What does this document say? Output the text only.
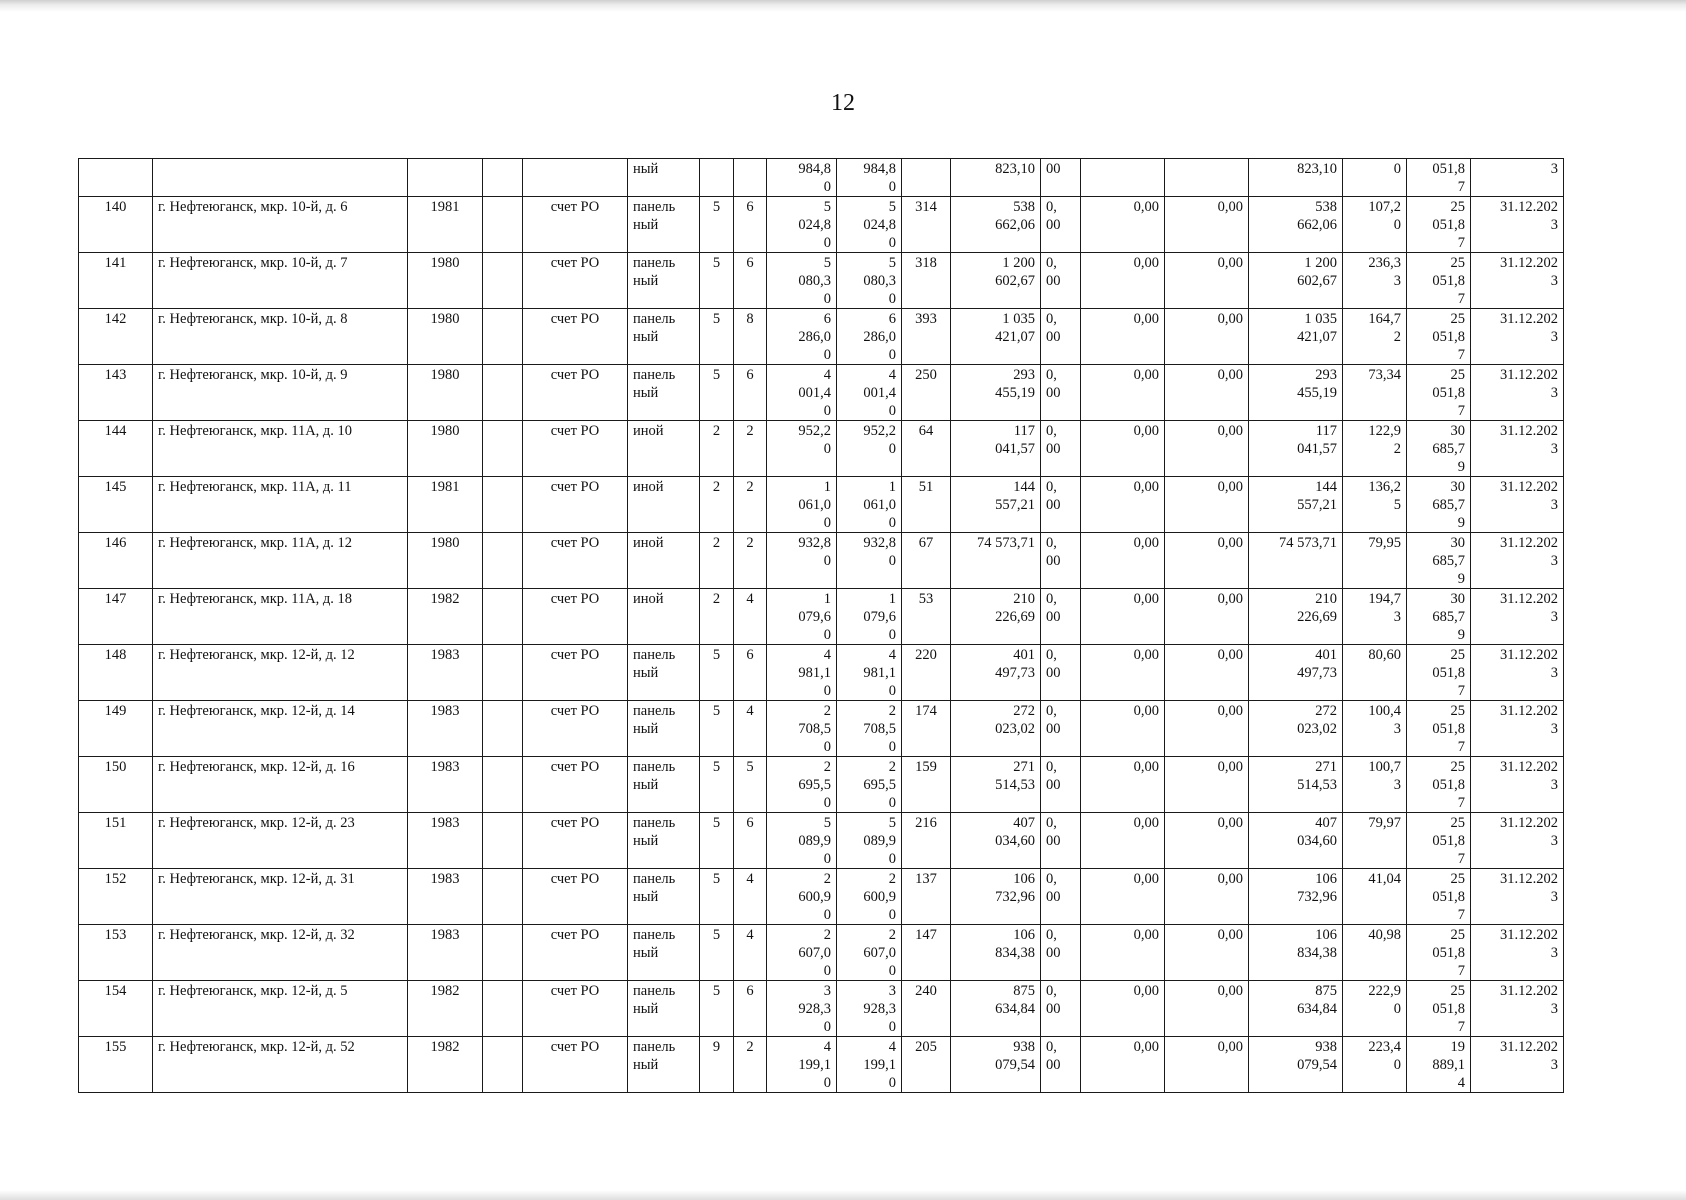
12
					ный			984,8
0	984,8
0		823,10	00			823,10	0	051,8
7	3
140	г. Нефтеюганск, мкр. 10-й, д. 6	1981		счет РО	панель
ный	5	6	5
024,8
0	5
024,8
0	314	538
662,06	0,
00	0,00	0,00	538
662,06	107,2
0	25
051,8
7	31.12.202
3
141	г. Нефтеюганск, мкр. 10-й, д. 7	1980		счет РО	панель
ный	5	6	5
080,3
0	5
080,3
0	318	1 200
602,67	0,
00	0,00	0,00	1 200
602,67	236,3
3	25
051,8
7	31.12.202
3
142	г. Нефтеюганск, мкр. 10-й, д. 8	1980		счет РО	панель
ный	5	8	6
286,0
0	6
286,0
0	393	1 035
421,07	0,
00	0,00	0,00	1 035
421,07	164,7
2	25
051,8
7	31.12.202
3
143	г. Нефтеюганск, мкр. 10-й, д. 9	1980		счет РО	панель
ный	5	6	4
001,4
0	4
001,4
0	250	293
455,19	0,
00	0,00	0,00	293
455,19	73,34	25
051,8
7	31.12.202
3
144	г. Нефтеюганск, мкр. 11А, д. 10	1980		счет РО	иной	2	2	952,2
0	952,2
0	64	117
041,57	0,
00	0,00	0,00	117
041,57	122,9
2	30
685,7
9	31.12.202
3
145	г. Нефтеюганск, мкр. 11А, д. 11	1981		счет РО	иной	2	2	1
061,0
0	1
061,0
0	51	144
557,21	0,
00	0,00	0,00	144
557,21	136,2
5	30
685,7
9	31.12.202
3
146	г. Нефтеюганск, мкр. 11А, д. 12	1980		счет РО	иной	2	2	932,8
0	932,8
0	67	74 573,71	0,
00	0,00	0,00	74 573,71	79,95	30
685,7
9	31.12.202
3
147	г. Нефтеюганск, мкр. 11А, д. 18	1982		счет РО	иной	2	4	1
079,6
0	1
079,6
0	53	210
226,69	0,
00	0,00	0,00	210
226,69	194,7
3	30
685,7
9	31.12.202
3
148	г. Нефтеюганск, мкр. 12-й, д. 12	1983		счет РО	панель
ный	5	6	4
981,1
0	4
981,1
0	220	401
497,73	0,
00	0,00	0,00	401
497,73	80,60	25
051,8
7	31.12.202
3
149	г. Нефтеюганск, мкр. 12-й, д. 14	1983		счет РО	панель
ный	5	4	2
708,5
0	2
708,5
0	174	272
023,02	0,
00	0,00	0,00	272
023,02	100,4
3	25
051,8
7	31.12.202
3
150	г. Нефтеюганск, мкр. 12-й, д. 16	1983		счет РО	панель
ный	5	5	2
695,5
0	2
695,5
0	159	271
514,53	0,
00	0,00	0,00	271
514,53	100,7
3	25
051,8
7	31.12.202
3
151	г. Нефтеюганск, мкр. 12-й, д. 23	1983		счет РО	панель
ный	5	6	5
089,9
0	5
089,9
0	216	407
034,60	0,
00	0,00	0,00	407
034,60	79,97	25
051,8
7	31.12.202
3
152	г. Нефтеюганск, мкр. 12-й, д. 31	1983		счет РО	панель
ный	5	4	2
600,9
0	2
600,9
0	137	106
732,96	0,
00	0,00	0,00	106
732,96	41,04	25
051,8
7	31.12.202
3
153	г. Нефтеюганск, мкр. 12-й, д. 32	1983		счет РО	панель
ный	5	4	2
607,0
0	2
607,0
0	147	106
834,38	0,
00	0,00	0,00	106
834,38	40,98	25
051,8
7	31.12.202
3
154	г. Нефтеюганск, мкр. 12-й, д. 5	1982		счет РО	панель
ный	5	6	3
928,3
0	3
928,3
0	240	875
634,84	0,
00	0,00	0,00	875
634,84	222,9
0	25
051,8
7	31.12.202
3
155	г. Нефтеюганск, мкр. 12-й, д. 52	1982		счет РО	панель
ный	9	2	4
199,1
0	4
199,1
0	205	938
079,54	0,
00	0,00	0,00	938
079,54	223,4
0	19
889,1
4	31.12.202
3
